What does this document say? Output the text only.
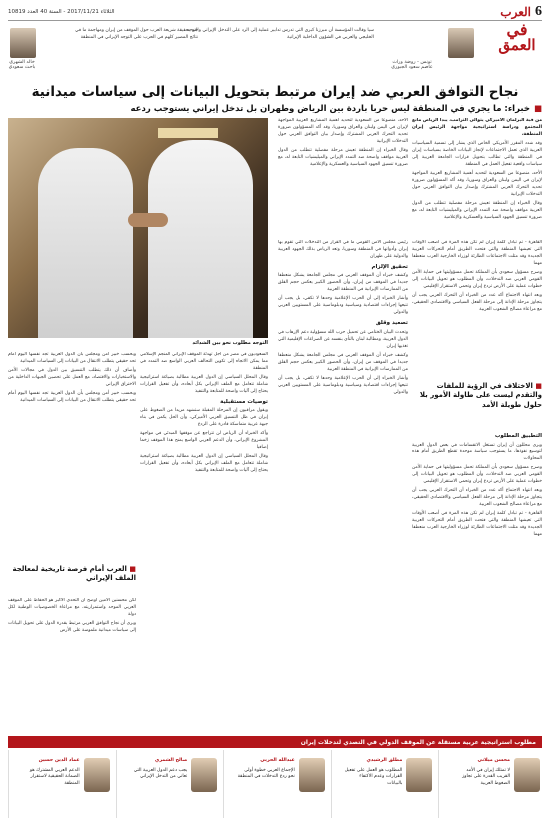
الثلاثاء 2017/11/21 - السنة 40 العدد 10819	6
العرب
في
العمق
تونس - روضة وراث
عاصم سعود الجبوري
سيا وقالت المؤسسة أن مبرزنا كبرى التي تدرس تدابير عملية إلى الرد على التدخل الإيراني والتوجه الخليجي والعربي في الشؤون الداخلية الإيرانية
جيد بحقيقة شريعة العرب حول الموقف من إيران ومهاجمة ما في نتائج المصير كلهم في الحرب على التوجه الإيراني في المنطقة
خالد الشهري
باحث سعودي
نجاح التوافق العربي ضد إيران مرتبط بتحويل البيانات إلى سياسات ميدانية
■خبراء: ما يجري في المنطقة ليس حربا باردة بين الرياض وطهران بل تدخل إيراني يستوجب ردعه

من قبة البرلمان الأميركي يتوالى الترامب، يبدأ الرياض مانع المجتمع ودراسة استراتيجية مواجهة الرئيس إيران المنطقة،

وقد شدد المقرر الأمريكي الخاص الذي يشار إلى تسمية السياسيات العربية الذي تعمل الاجتماعات لإنجاز البيانات الخاصة بسياسات إيران في المنطقة والتي تطالب بتحويل قرارات الجامعة العربية إلى سياسات واقعية تفعيل العمل في المنطقة

الأحد، منضوعا من السعودية لتحديد أهمية المشاريع العربية المواجهة لإيران في اليمن ولبنان والعراق وسوريا، وقد أكد المسؤولون ضرورة تحديد التحرك العربي المشترك وإصدار بيان التوافق العربي حول التدخلات الإيرانية

وقال الخبراء إن المنطقة تعيش مرحلة مفصلية تتطلب من الدول العربية مواقف واضحة ضد التمدد الإيراني والميليشيات التابعة له، مع ضرورة تنسيق الجهود السياسية والعسكرية والإعلامية

الأحد، منضوعا من السعودية لتحديد أهمية المشاريع العربية المواجهة لإيران في اليمن ولبنان والعراق وسوريا، وقد أكد المسؤولون ضرورة تحديد التحرك العربي المشترك وإصدار بيان التوافق العربي حول التدخلات الإيرانية

وقال الخبراء إن المنطقة تعيش مرحلة مفصلية تتطلب من الدول العربية مواقف واضحة ضد التمدد الإيراني والميليشيات التابعة له، مع ضرورة تنسيق الجهود السياسية والعسكرية والإعلامية

التوجه مطلوب نحو بين الشدائد

القاهرة - تم تبادل كلمة إيران لم تكن هذه المرة في أصعب الأوقات التي تعيشها المنطقة والتي فتحت الطريق أمام التحركات العربية الجديدة وقد مثلت الاجتماعات الطارئة لوزراء الخارجية العرب منعطفا مهما

وصرح مسؤول سعودي بأن المملكة تحمل مسؤوليتها في حماية الأمن القومي العربي ضد التدخلات، وأن المطلوب هو تحويل البيانات إلى خطوات عملية على الأرض تردع إيران وتحمي الاستقرار الإقليمي

وبعد انتهاء الاجتماع أكد عدد من الخبراء أن التحرك العربي يجب أن يتجاوز مرحلة الإدانة إلى مرحلة الفعل السياسي والاقتصادي الحقيقي، مع مراعاة مصالح الشعوب العربية

■ الاختلاف في الرؤية للملفات والتقدم ليست على طاولة الأمور بلا حلول طويلة الأمد

التطبيق المطلوب

ويرى محللون أن إيران تستغل الانقسامات في بعض الدول العربية لتوسيع نفوذها، ما يستوجب سياسة موحدة تقطع الطريق أمام هذه المحاولات

وصرح مسؤول سعودي بأن المملكة تحمل مسؤوليتها في حماية الأمن القومي العربي ضد التدخلات، وأن المطلوب هو تحويل البيانات إلى خطوات عملية على الأرض تردع إيران وتحمي الاستقرار الإقليمي

وبعد انتهاء الاجتماع أكد عدد من الخبراء أن التحرك العربي يجب أن يتجاوز مرحلة الإدانة إلى مرحلة الفعل السياسي والاقتصادي الحقيقي، مع مراعاة مصالح الشعوب العربية

القاهرة - تم تبادل كلمة إيران لم تكن هذه المرة في أصعب الأوقات التي تعيشها المنطقة والتي فتحت الطريق أمام التحركات العربية الجديدة وقد مثلت الاجتماعات الطارئة لوزراء الخارجية العرب منعطفا مهما

رئيس مجلس الأمن القومي ما في القرار من التدخلات التي تقوم بها إيران وأدواتها في المنطقة وسوريا، وتعد الرياض بذلك الجهود العربية والدولية على طهران

تحقيق الإلزام

وكشف خبراء أن الموقف العربي في مجلس الجامعة يشكل منعطفا جديدا في الموقف من إيران، وأن الحضور الكبير يعكس حجم القلق من الممارسات الإيرانية في المنطقة العربية

وأشار الخبراء إلى أن الحرب الإعلامية وحدها لا تكفي، بل يجب أن تتبعها إجراءات اقتصادية وسياسية ودبلوماسية على المستويين العربي والدولي

تصعيد وقلق

وتحدث البيان الختامي عن تحميل حزب الله مسؤولية دعم الإرهاب في الدول العربية، ومطالبة لبنان بالنأي بنفسه عن الصراعات الإقليمية التي تغذيها إيران

وكشف خبراء أن الموقف العربي في مجلس الجامعة يشكل منعطفا جديدا في الموقف من إيران، وأن الحضور الكبير يعكس حجم القلق من الممارسات الإيرانية في المنطقة العربية

وأشار الخبراء إلى أن الحرب الإعلامية وحدها لا تكفي، بل يجب أن تتبعها إجراءات اقتصادية وسياسية ودبلوماسية على المستويين العربي والدولي

السعوديون في مصر من أجل تهدئة الموقف الإيراني المنجم الإسلامي مما يمكن الاتجاه إلى تكوين التحالف العربي الواسع ضد التمدد في المنطقة

وقال المحلل السياسي إن الدول العربية مطالبة بصياغة استراتيجية شاملة تتعامل مع الملف الإيراني بكل أبعاده، وأن تفعيل القرارات يحتاج إلى آليات واضحة للمتابعة والتنفيذ

توصيات مستقبلية

ويقول مراقبون إن المرحلة المقبلة ستشهد مزيدا من الضغوط على إيران في ظل التنسيق العربي الأميركي، وأن الحل يكمن في بناء جبهة عربية متماسكة قادرة على الردع

وأكد الخبراء أن الرياض لن تتراجع عن موقفها المبدئي في مواجهة المشروع الإيراني، وأن الدعم العربي الواسع يمنح هذا الموقف زخما إضافيا

وقال المحلل السياسي إن الدول العربية مطالبة بصياغة استراتيجية شاملة تتعامل مع الملف الإيراني بكل أبعاده، وأن تفعيل القرارات يحتاج إلى آليات واضحة للمتابعة والتنفيذ

وبحسب خبير أمن ومجلس بأن الدول العربية تجد نفسها اليوم أمام تحد حقيقي يتطلب الانتقال من البيانات إلى السياسات الميدانية

وأضاف أن ذلك يتطلب التنسيق بين الدول في مجالات الأمن والاستخبارات والاقتصاد، مع العمل على تحصين الجبهات الداخلية من الاختراق الإيراني

وبحسب خبير أمن ومجلس بأن الدول العربية تجد نفسها اليوم أمام تحد حقيقي يتطلب الانتقال من البيانات إلى السياسات الميدانية

■ العرب أمام فرصة تاريخية لمعالجة الملف الإيراني

لكن محسنين الأمين أوضح أن التحدي الأكبر هو الحفاظ على الموقف العربي الموحد واستمراريته، مع مراعاة الخصوصيات الوطنية لكل دولة

ويرى أن نجاح التوافق العربي مرتبط بقدرة الدول على تحويل البيانات إلى سياسات ميدانية ملموسة على الأرض

مطلوب استراتيجية عربية مستقلة عن الموقف الدولي في التصدي لتدخلات إيران
محسن ميلاني
لا تمتلك إيران في الأمد القريب القدرة على تجاوز الضغوط العربية
مطلق الرشيدي
المطلوب هو العمل على تفعيل القرارات وعدم الاكتفاء بالبيانات
عبدالله الحربي
الإجماع العربي خطوة أولى نحو ردع التدخلات في المنطقة
صالح الشمري
يجب دعم الدول العربية التي تعاني من التدخل الإيراني
عماد الدين حسين
الدعم العربي المشترك هو الضمانة الحقيقية لاستقرار المنطقة
